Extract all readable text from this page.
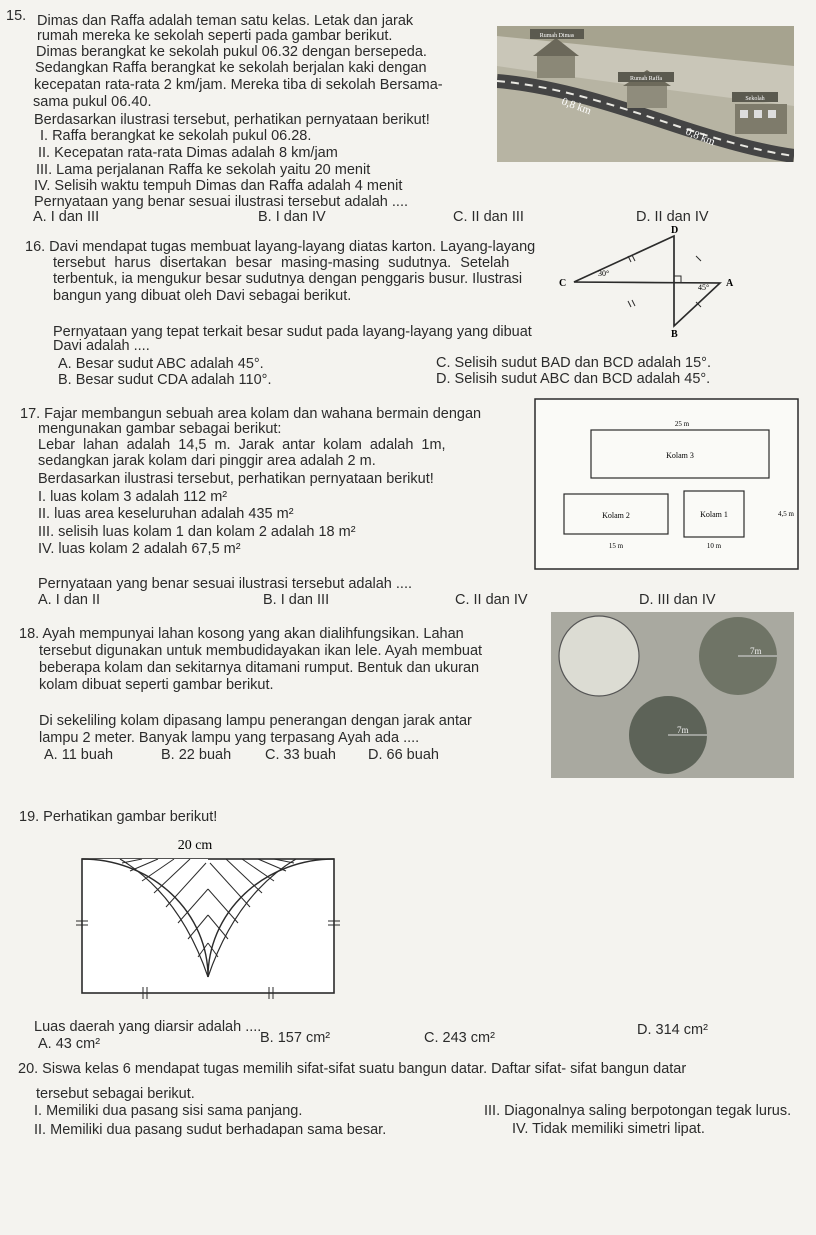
15. Dimas dan Raffa adalah teman satu kelas. Letak dan jarak
rumah mereka ke sekolah seperti pada gambar berikut.
Dimas berangkat ke sekolah pukul 06.32 dengan bersepeda.
Sedangkan Raffa berangkat ke sekolah berjalan kaki dengan
kecepatan rata-rata 2 km/jam. Mereka tiba di sekolah Bersama-
sama pukul 06.40.
Berdasarkan ilustrasi tersebut, perhatikan pernyataan berikut!
I. Raffa berangkat ke sekolah pukul 06.28.
II. Kecepatan rata-rata Dimas adalah 8 km/jam
III. Lama perjalanan Raffa ke sekolah yaitu 20 menit
IV. Selisih waktu tempuh Dimas dan Raffa adalah 4 menit
Pernyataan yang benar sesuai ilustrasi tersebut adalah ....
A. I dan III	B. I dan IV	C. II dan III	D. II dan IV
Rumah Dimas
Rumah Raffa
Sekolah
0,8 km
0,8 km
16. Davi mendapat tugas membuat layang-layang diatas karton. Layang-layang
tersebut harus disertakan besar masing-masing sudutnya. Setelah
terbentuk, ia mengukur besar sudutnya dengan penggaris busur. Ilustrasi
bangun yang dibuat oleh Davi sebagai berikut.
Pernyataan yang tepat terkait besar sudut pada layang-layang yang dibuat
Davi adalah ....
A. Besar sudut ABC adalah 45°.
B. Besar sudut CDA adalah 110°.
C. Selisih sudut BAD dan BCD adalah 15°.
D. Selisih sudut ABC dan BCD adalah 45°.
D
C	A
B
30°
45°
17. Fajar membangun sebuah area kolam dan wahana bermain dengan
mengunakan gambar sebagai berikut:
Lebar lahan adalah 14,5 m. Jarak antar kolam adalah 1m,
sedangkan jarak kolam dari pinggir area adalah 2 m.
Berdasarkan ilustrasi tersebut, perhatikan pernyataan berikut!
I. luas kolam 3 adalah 112 m²
II. luas area keseluruhan adalah 435 m²
III. selisih luas kolam 1 dan kolam 2 adalah 18 m²
IV. luas kolam 2 adalah 67,5 m²
Pernyataan yang benar sesuai ilustrasi tersebut adalah ....
A. I dan II	B. I dan III	C. II dan IV	D. III dan IV
25 m
Kolam 3
Kolam 2	Kolam 1	4,5 m
15 m	10 m
18. Ayah mempunyai lahan kosong yang akan dialihfungsikan. Lahan
tersebut digunakan untuk membudidayakan ikan lele. Ayah membuat
beberapa kolam dan sekitarnya ditamani rumput. Bentuk dan ukuran
kolam dibuat seperti gambar berikut.
Di sekeliling kolam dipasang lampu penerangan dengan jarak antar
lampu 2 meter. Banyak lampu yang terpasang Ayah ada ....
A. 11 buah	B. 22 buah C. 33 buah D. 66 buah
7m
7m
19. Perhatikan gambar berikut!
20 cm
Luas daerah yang diarsir adalah ....
A. 43 cm²	B. 157 cm²	C. 243 cm²	D. 314 cm²
20. Siswa kelas 6 mendapat tugas memilih sifat-sifat suatu bangun datar. Daftar sifat- sifat bangun datar
tersebut sebagai berikut.
I. Memiliki dua pasang sisi sama panjang.
II. Memiliki dua pasang sudut berhadapan sama besar.
III. Diagonalnya saling berpotongan tegak lurus.
IV. Tidak memiliki simetri lipat.
